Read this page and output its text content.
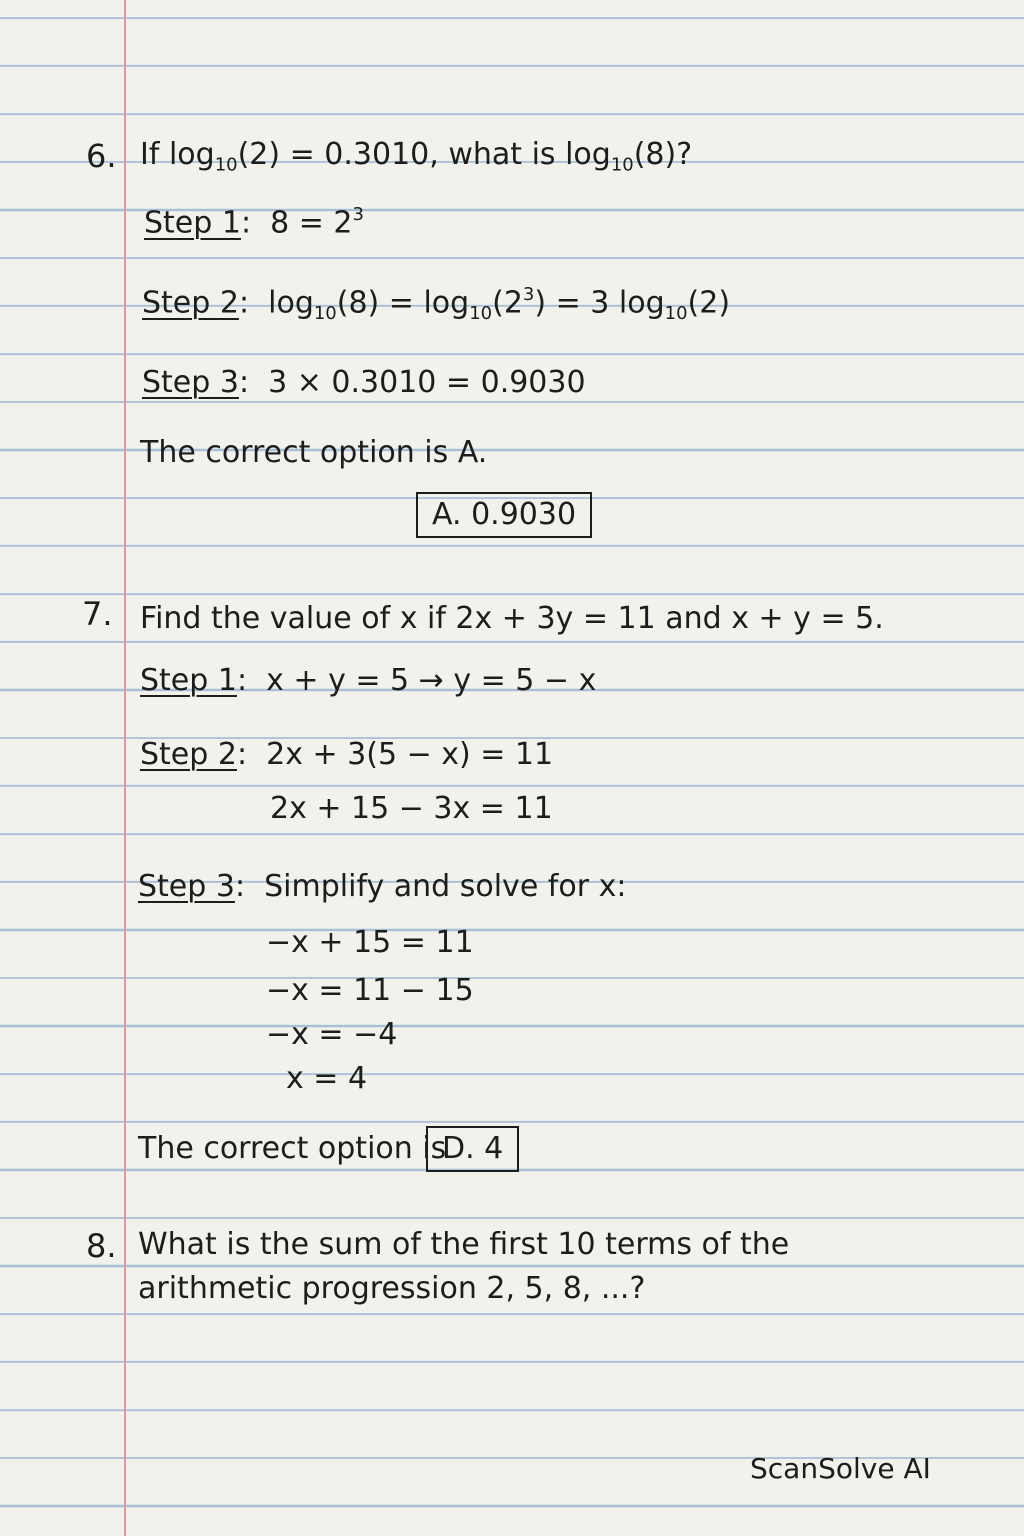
6. If $\log_{10}(2) = 0.3010$, what is $\log_{10}(8)$?
Step 1: $8 = 2^3$
Step 2: $\log_{10}(8) = \log_{10}(2^3) = 3$ $\log_{10}(2)$
Step 3: 3 × 0.3010 = 0.9030
The correct option is A.
A. 0.9030
7. Find the value of x if 2x + 3y = 11 and x + y = 5.
Step 1: x + y = 5 → y = 5 − x
Step 2: 2x + 3(5 − x) = 11
2x + 15 − 3x = 11
Step 3: Simplify and solve for x:
−x + 15 = 11
−x = 11 − 15
−x = −4
x = 4
The correct option is
D. 4
8. What is the sum of the first 10 terms of the
arithmetic progression 2, 5, 8, ...?
ScanSolve AI
